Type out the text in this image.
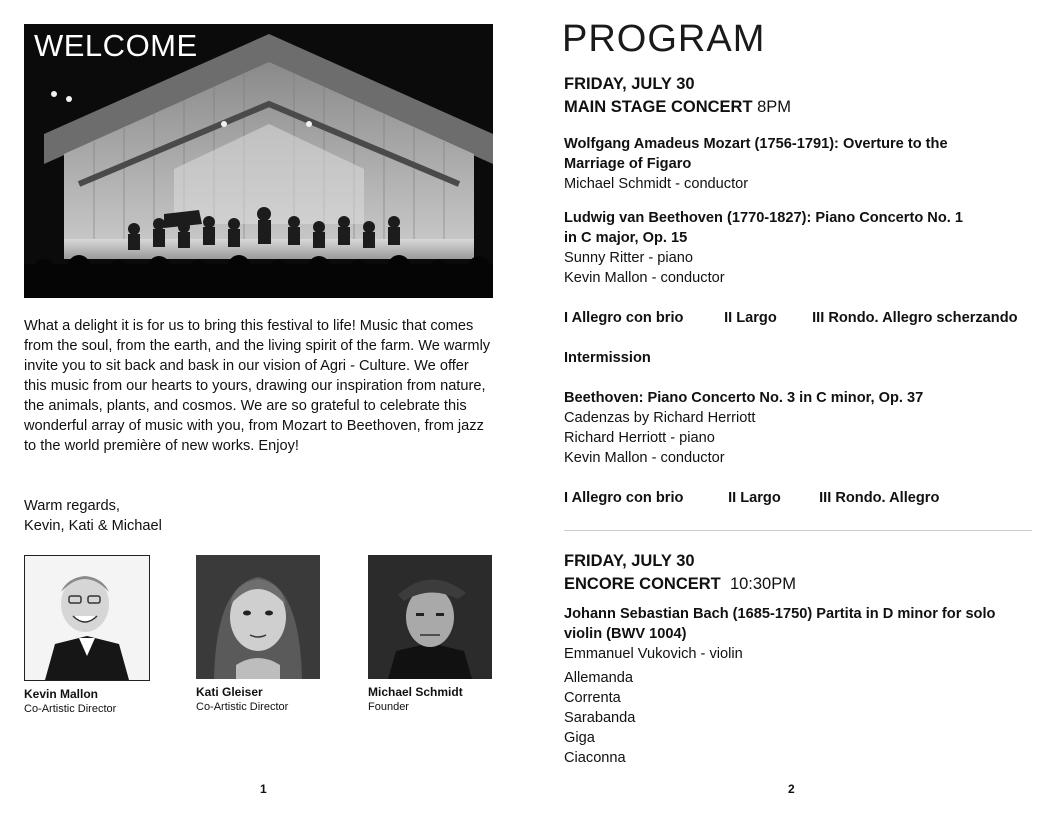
WELCOME

What a delight it is for us to bring this festival to life! Music that comes from the soul, from the earth, and the living spirit of the farm. We warmly invite you to sit back and bask in our vision of Agri - Culture. We offer this music from our hearts to yours, drawing our inspiration from nature, the animals, plants, and cosmos. We are so grateful to celebrate this wonderful array of music with you, from Mozart to Beethoven, from jazz to the world première of new works. Enjoy!

Warm regards,
Kevin, Kati & Michael
Kevin Mallon
Co-Artistic Director
Kati Gleiser
Co-Artistic Director
Michael Schmidt
Founder
1
PROGRAM
FRIDAY, JULY 30
MAIN STAGE CONCERT 8PM
Wolfgang Amadeus Mozart (1756-1791): Overture to the
Marriage of Figaro
Michael Schmidt - conductor
Ludwig van Beethoven (1770-1827): Piano Concerto No. 1
in C major, Op. 15
Sunny Ritter - piano
Kevin Mallon - conductor
I Allegro con brio	II Largo III Rondo. Allegro scherzando
Intermission
Beethoven: Piano Concerto No. 3 in C minor, Op. 37
Cadenzas by Richard Herriott
Richard Herriott - piano
Kevin Mallon - conductor
I Allegro con brio	II Largo	III Rondo. Allegro
FRIDAY, JULY 30
ENCORE CONCERT 10:30PM
Johann Sebastian Bach (1685-1750) Partita in D minor for solo
violin (BWV 1004)
Emmanuel Vukovich - violin
Allemanda
Correnta
Sarabanda
Giga
Ciaconna
2
